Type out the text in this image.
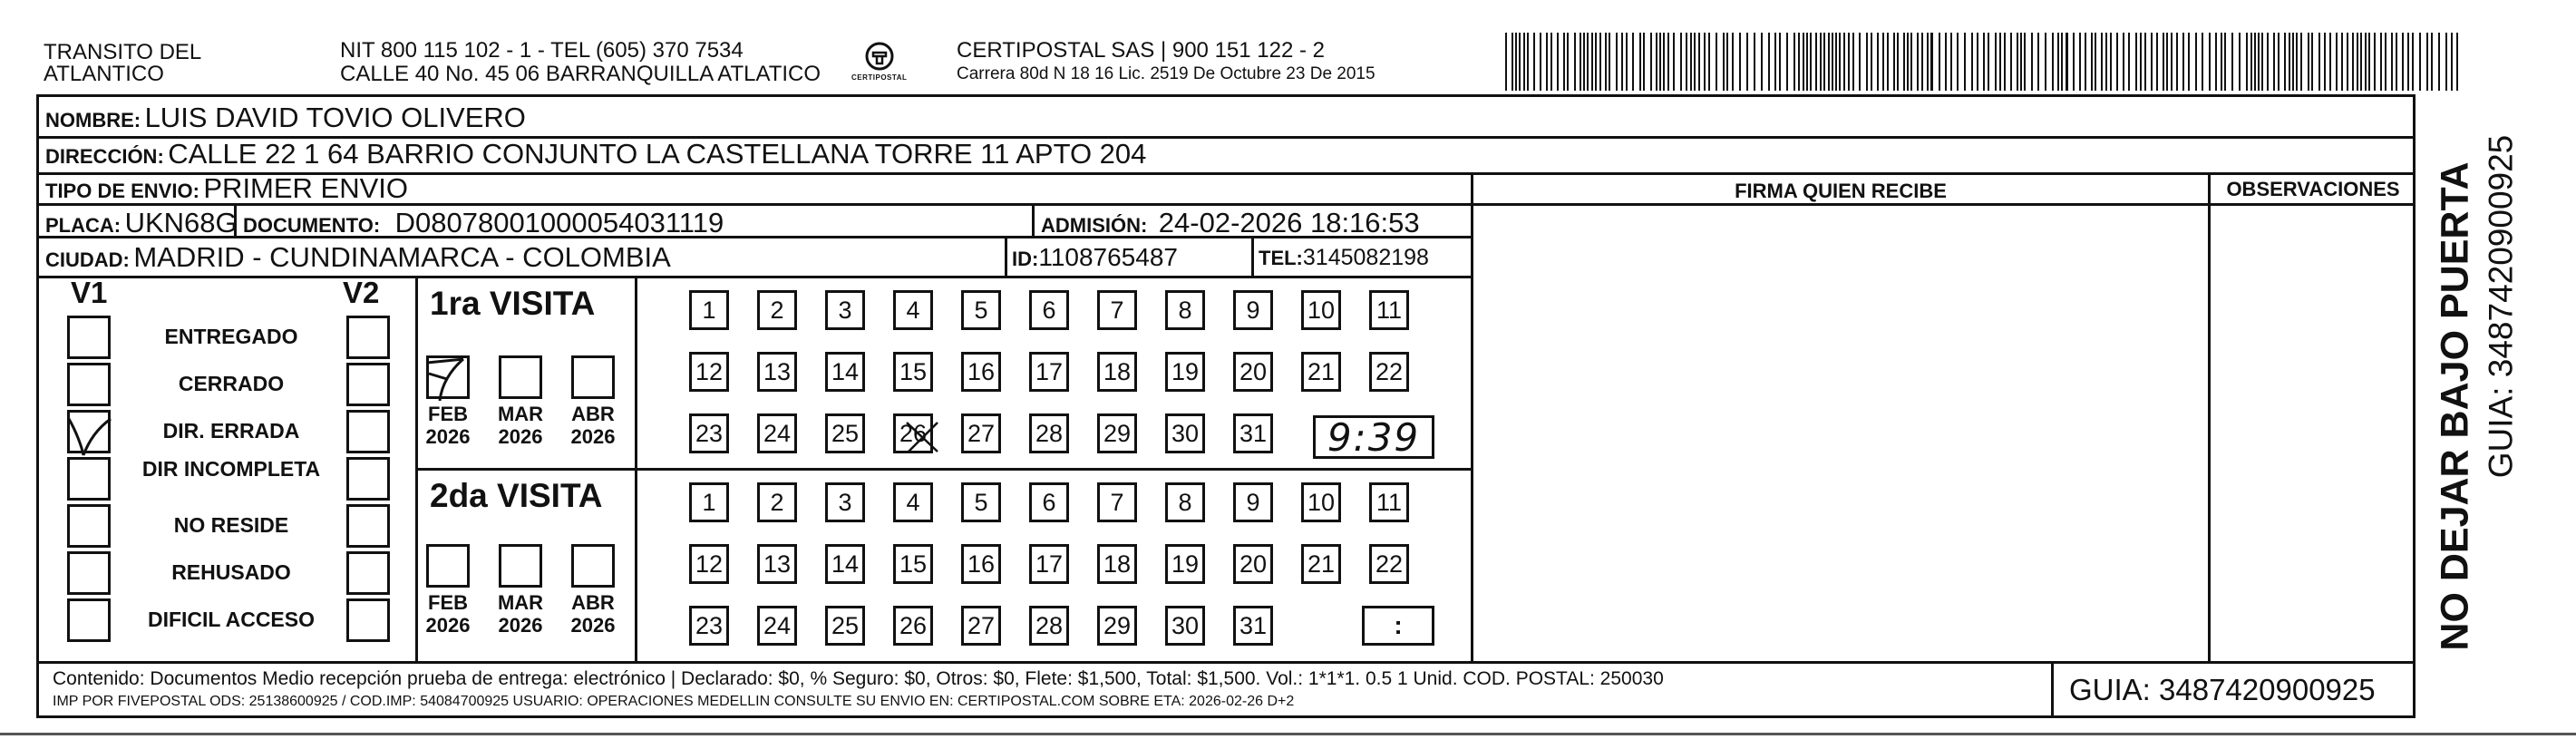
TRANSITO DEL
ATLANTICO
NIT 800 115 102 - 1 - TEL (605) 370 7534
CALLE 40 No. 45 06 BARRANQUILLA ATLATICO	CERTIPOSTAL
CERTIPOSTAL SAS | 900 151 122 - 2
Carrera 80d N 18 16 Lic. 2519 De Octubre 23 De 2015
NOMBRE: LUIS DAVID TOVIO OLIVERO
DIRECCIÓN: CALLE 22 1 64 BARRIO CONJUNTO LA CASTELLANA TORRE 11 APTO 204
TIPO DE ENVIO: PRIMER ENVIO	FIRMA QUIEN RECIBE	OBSERVACIONES
PLACA: UKN68G DOCUMENTO: D08078001000054031119	ADMISIÓN: 24-02-2026 18:16:53
CIUDAD: MADRID - CUNDINAMARCA - COLOMBIA	ID:1108765487	TEL:3145082198
V1	V2
ENTREGADO
CERRADO
DIR. ERRADA
DIR INCOMPLETA
NO RESIDE
REHUSADO
DIFICIL ACCESO
1ra VISITA
2da VISITA
FEB
2026
MAR
2026
ABR
2026
FEB
2026
MAR
2026
ABR
2026
1	2	3	4	5	6	7	8	9	10 11
12 13 14 15 16 17 18 19 20 21 22
23 24 25 26 27 28 29 30 31
1	2	3	4	5	6	7	8	9	10 11
12 13 14 15 16 17 18 19 20 21 22
23 24 25 26 27 28 29 30 31
9:39
:
Contenido: Documentos Medio recepción prueba de entrega: electrónico | Declarado: $0, % Seguro: $0, Otros: $0, Flete: $1,500, Total: $1,500. Vol.: 1*1*1. 0.5 1 Unid. COD. POSTAL: 250030
IMP POR FIVEPOSTAL ODS: 25138600925 / COD.IMP: 54084700925 USUARIO: OPERACIONES MEDELLIN CONSULTE SU ENVIO EN: CERTIPOSTAL.COM SOBRE ETA: 2026-02-26 D+2	GUIA: 3487420900925
NO DEJAR BAJO PUERTA GUIA: 3487420900925
